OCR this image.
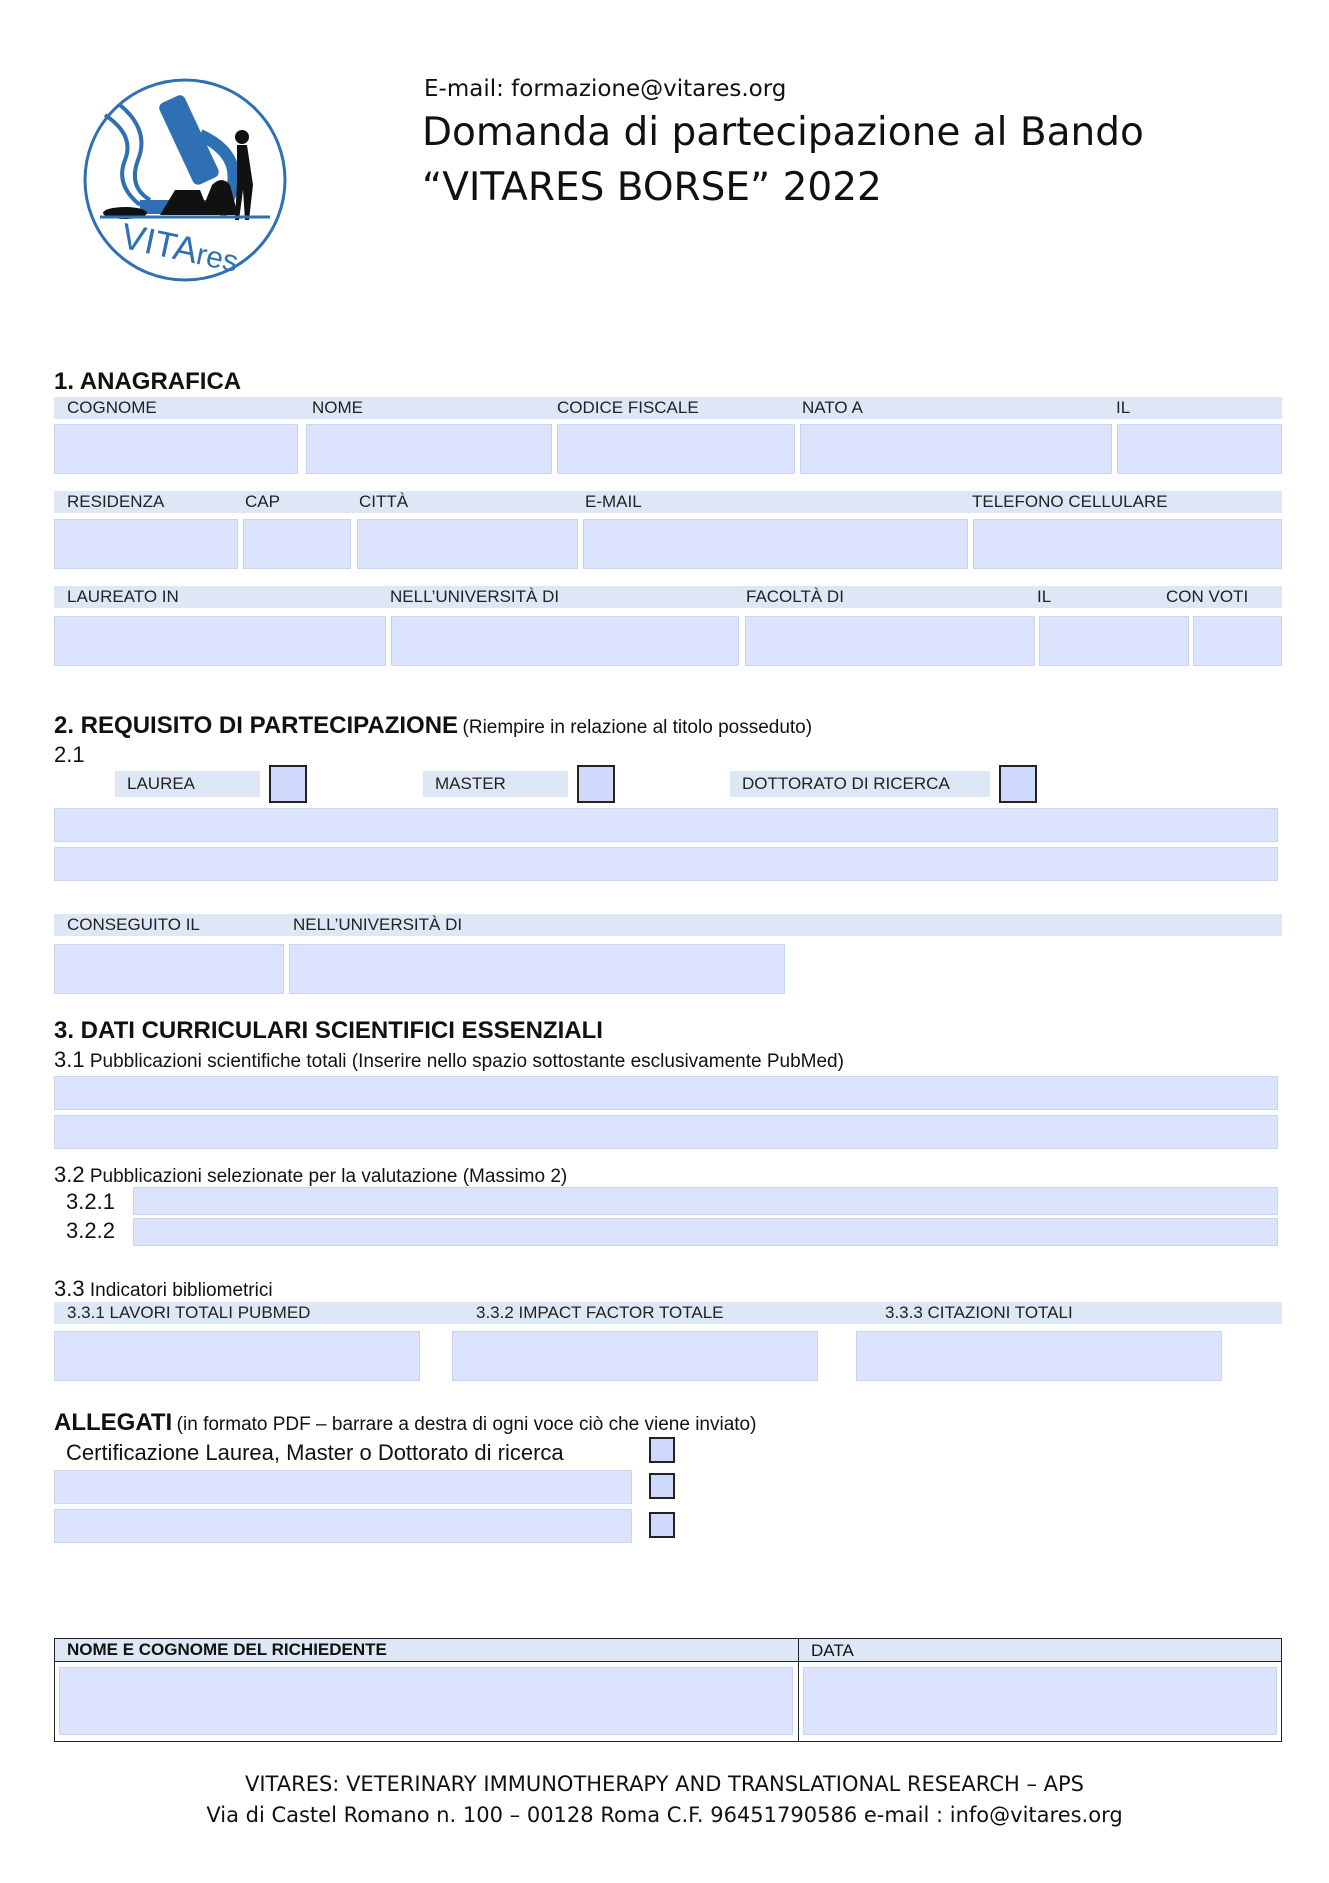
VITAres
E-mail: formazione@vitares.org
Domanda di partecipazione al Bando
“VITARES BORSE” 2022
1. ANAGRAFICA
COGNOME	NOME	CODICE FISCALE	NATO A	IL
RESIDENZA	CAP	CITTÀ	E-MAIL	TELEFONO CELLULARE
LAUREATO IN	NELL’UNIVERSITÀ DI	FACOLTÀ DI	IL	CON VOTI
2. REQUISITO DI PARTECIPAZIONE (Riempire in relazione al titolo posseduto)
2.1
LAUREA	MASTER	DOTTORATO DI RICERCA
CONSEGUITO IL	NELL’UNIVERSITÀ DI
3. DATI CURRICULARI SCIENTIFICI ESSENZIALI
3.1 Pubblicazioni scientifiche totali (Inserire nello spazio sottostante esclusivamente PubMed)
3.2 Pubblicazioni selezionate per la valutazione (Massimo 2)
3.2.1
3.2.2
3.3 Indicatori bibliometrici
3.3.1 LAVORI TOTALI PUBMED	3.3.2 IMPACT FACTOR TOTALE	3.3.3 CITAZIONI TOTALI
ALLEGATI (in formato PDF – barrare a destra di ogni voce ciò che viene inviato)
Certificazione Laurea, Master o Dottorato di ricerca
NOME E COGNOME DEL RICHIEDENTE	DATA
VITARES: VETERINARY IMMUNOTHERAPY AND TRANSLATIONAL RESEARCH – APS
Via di Castel Romano n. 100 – 00128 Roma C.F. 96451790586 e-mail : info@vitares.org
